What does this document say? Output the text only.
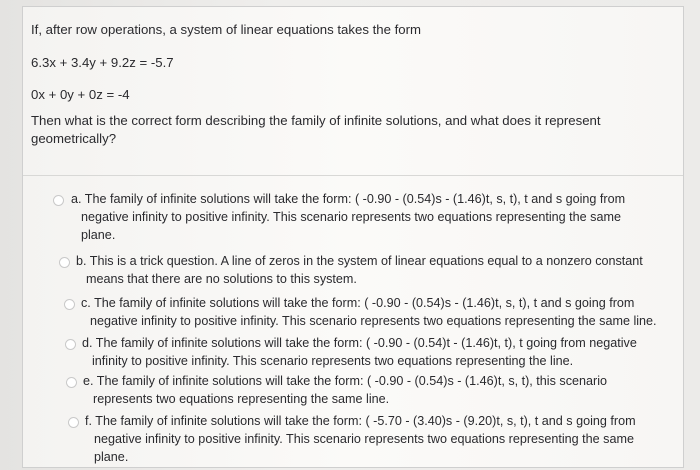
If, after row operations, a system of linear equations takes the form
6.3x + 3.4y + 9.2z = -5.7
0x + 0y + 0z = -4
Then what is the correct form describing the family of infinite solutions, and what does it represent
geometrically?
a. The family of infinite solutions will take the form: ( -0.90 - (0.54)s - (1.46)t, s, t), t and s going from
negative infinity to positive infinity. This scenario represents two equations representing the same
plane.
b. This is a trick question. A line of zeros in the system of linear equations equal to a nonzero constant
means that there are no solutions to this system.
c. The family of infinite solutions will take the form: ( -0.90 - (0.54)s - (1.46)t, s, t), t and s going from
negative infinity to positive infinity. This scenario represents two equations representing the same line.
d. The family of infinite solutions will take the form: ( -0.90 - (0.54)t - (1.46)t, t), t going from negative
infinity to positive infinity. This scenario represents two equations representing the line.
e. The family of infinite solutions will take the form: ( -0.90 - (0.54)s - (1.46)t, s, t), this scenario
represents two equations representing the same line.
f. The family of infinite solutions will take the form: ( -5.70 - (3.40)s - (9.20)t, s, t), t and s going from
negative infinity to positive infinity. This scenario represents two equations representing the same
plane.
